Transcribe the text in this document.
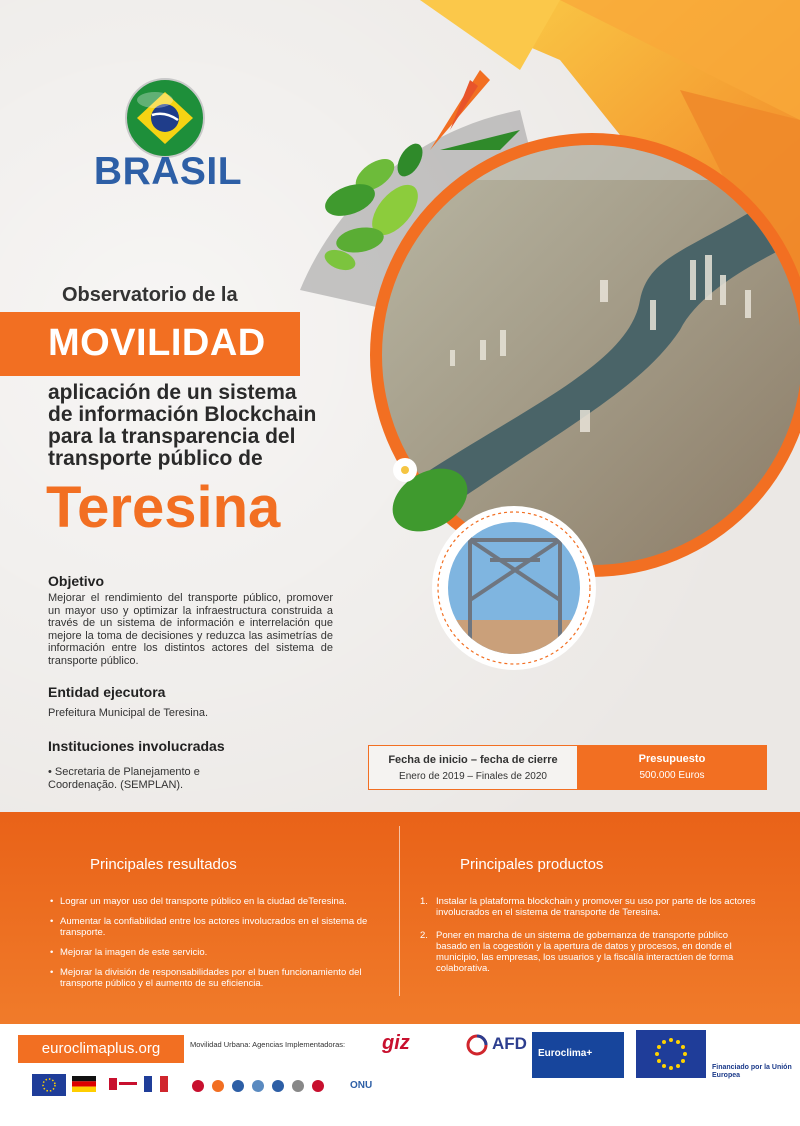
BRASIL
Observatorio de la
MOVILIDAD
aplicación de un sistema
de información Blockchain
para la transparencia del
transporte público de
Teresina
Objetivo
Mejorar el rendimiento del transporte público, promover un mayor uso y optimizar la infraestructura construida a través de un sistema de información e interrelación que mejore la toma de decisiones y reduzca las asimetrías de información entre los distintos actores del sistema de transporte público.
Entidad ejecutora
Prefeitura Municipal de Teresina.
Instituciones involucradas
• Secretaria de Planejamento e Coordenação. (SEMPLAN).
Fecha de inicio – fecha de cierre
Enero de 2019 – Finales de 2020
Presupuesto
500.000 Euros
Principales resultados	Principales productos
• Lograr un mayor uso del transporte público en la ciudad deTeresina.
• Aumentar la confiabilidad entre los actores involucrados en el sistema de transporte.
• Mejorar la imagen de este servicio.
• Mejorar la división de responsabilidades por el buen funcionamiento del transporte público y el aumento de su eficiencia.
1. Instalar la plataforma blockchain y promover su uso por parte de los actores involucrados en el sistema de transporte de Teresina.
2. Poner en marcha de un sistema de gobernanza de transporte público basado en la cogestión y la apertura de datos y procesos, en donde el municipio, las empresas, los usuarios y la fiscalía interactúen de forma colaborativa.
euroclimaplus.org	Movilidad Urbana: Agencias Implementadoras: giz	AFD
Euroclima+
Financiado por la Unión Europea
ONU
